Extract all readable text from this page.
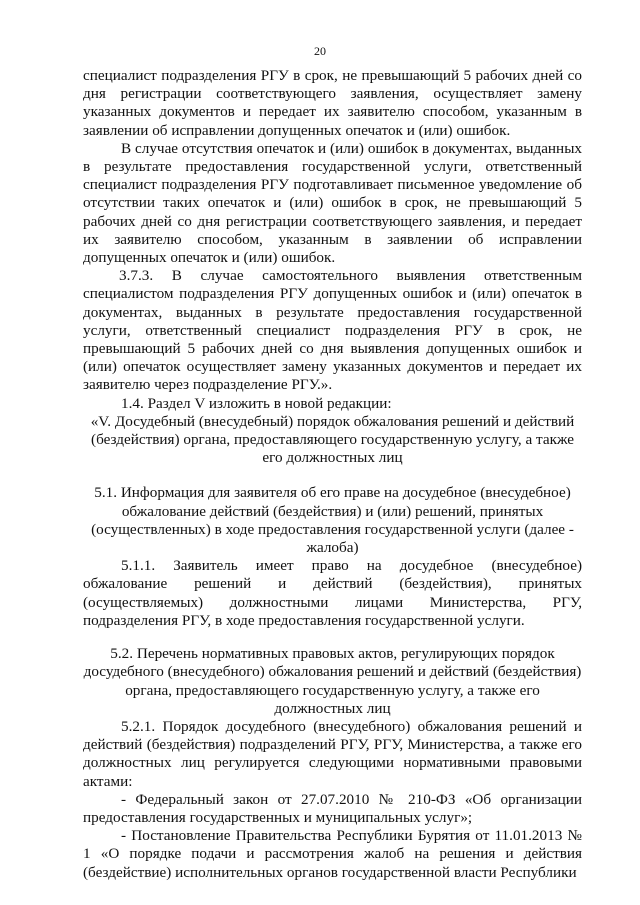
20

специалист подразделения РГУ в срок, не превышающий 5 рабочих дней со дня регистрации соответствующего заявления, осуществляет замену указанных документов и передает их заявителю способом, указанным в заявлении об исправлении допущенных опечаток и (или) ошибок.

В случае отсутствия опечаток и (или) ошибок в документах, выданных в результате предоставления государственной услуги, ответственный специалист подразделения РГУ подготавливает письменное уведомление об отсутствии таких опечаток и (или) ошибок в срок, не превышающий 5 рабочих дней со дня регистрации соответствующего заявления, и передает их заявителю способом, указанным в заявлении об исправлении допущенных опечаток и (или) ошибок.

3.7.3. В случае самостоятельного выявления ответственным специалистом подразделения РГУ допущенных ошибок и (или) опечаток в документах, выданных в результате предоставления государственной услуги, ответственный специалист подразделения РГУ в срок, не превышающий 5 рабочих дней со дня выявления допущенных ошибок и (или) опечаток осуществляет замену указанных документов и передает их заявителю через подразделение РГУ.».

1.4. Раздел V изложить в новой редакции:

«V. Досудебный (внесудебный) порядок обжалования решений и действий (бездействия) органа, предоставляющего государственную услугу, а также его должностных лиц

5.1. Информация для заявителя об его праве на досудебное (внесудебное) обжалование действий (бездействия) и (или) решений, принятых (осуществленных) в ходе предоставления государственной услуги (далее - жалоба)

5.1.1. Заявитель имеет право на досудебное (внесудебное) обжалование решений и действий (бездействия), принятых (осуществляемых) должностными лицами Министерства, РГУ, подразделения РГУ, в ходе предоставления государственной услуги.

5.2. Перечень нормативных правовых актов, регулирующих порядок досудебного (внесудебного) обжалования решений и действий (бездействия) органа, предоставляющего государственную услугу, а также его должностных лиц

5.2.1. Порядок досудебного (внесудебного) обжалования решений и действий (бездействия) подразделений РГУ, РГУ, Министерства, а также его должностных лиц регулируется следующими нормативными правовыми актами:

- Федеральный закон от 27.07.2010 № 210-ФЗ «Об организации предоставления государственных и муниципальных услуг»;

- Постановление Правительства Республики Бурятия от 11.01.2013 № 1 «О порядке подачи и рассмотрения жалоб на решения и действия (бездействие) исполнительных органов государственной власти Республики
